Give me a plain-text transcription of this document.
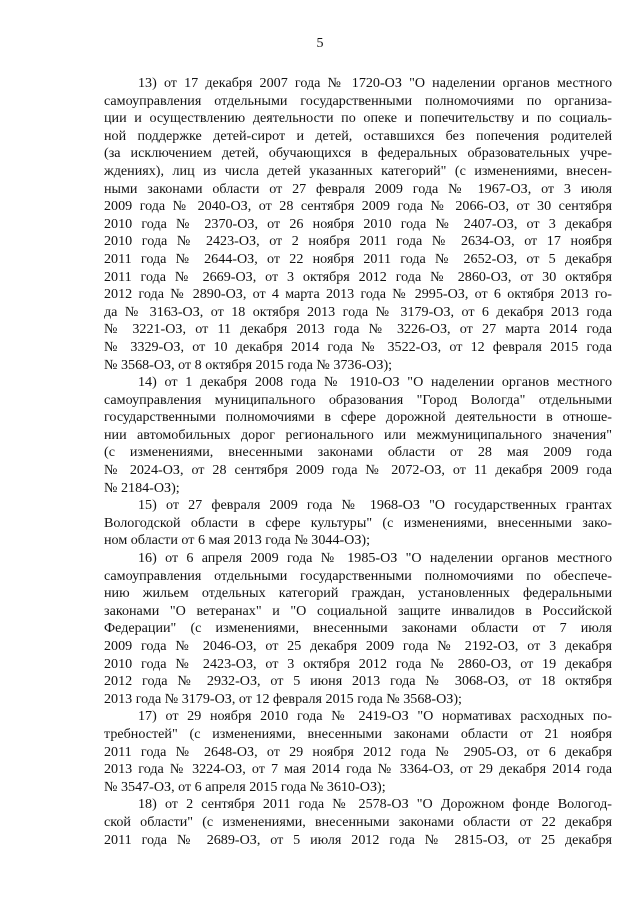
5
13) от 17 декабря 2007 года № 1720-ОЗ "О наделении органов местного
самоуправления отдельными государственными полномочиями по организа-
ции и осуществлению деятельности по опеке и попечительству и по социаль-
ной поддержке детей-сирот и детей, оставшихся без попечения родителей
(за исключением детей, обучающихся в федеральных образовательных учре-
ждениях), лиц из числа детей указанных категорий" (с изменениями, внесен-
ными законами области от 27 февраля 2009 года № 1967-ОЗ, от 3 июля
2009 года № 2040-ОЗ, от 28 сентября 2009 года № 2066-ОЗ, от 30 сентября
2010 года № 2370-ОЗ, от 26 ноября 2010 года № 2407-ОЗ, от 3 декабря
2010 года № 2423-ОЗ, от 2 ноября 2011 года № 2634-ОЗ, от 17 ноября
2011 года № 2644-ОЗ, от 22 ноября 2011 года № 2652-ОЗ, от 5 декабря
2011 года № 2669-ОЗ, от 3 октября 2012 года № 2860-ОЗ, от 30 октября
2012 года № 2890-ОЗ, от 4 марта 2013 года № 2995-ОЗ, от 6 октября 2013 го-
да № 3163-ОЗ, от 18 октября 2013 года № 3179-ОЗ, от 6 декабря 2013 года
№ 3221-ОЗ, от 11 декабря 2013 года № 3226-ОЗ, от 27 марта 2014 года
№ 3329-ОЗ, от 10 декабря 2014 года № 3522-ОЗ, от 12 февраля 2015 года
№ 3568-ОЗ, от 8 октября 2015 года № 3736-ОЗ);
14) от 1 декабря 2008 года № 1910-ОЗ "О наделении органов местного
самоуправления муниципального образования "Город Вологда" отдельными
государственными полномочиями в сфере дорожной деятельности в отноше-
нии автомобильных дорог регионального или межмуниципального значения"
(с изменениями, внесенными законами области от 28 мая 2009 года
№ 2024-ОЗ, от 28 сентября 2009 года № 2072-ОЗ, от 11 декабря 2009 года
№ 2184-ОЗ);
15) от 27 февраля 2009 года № 1968-ОЗ "О государственных грантах
Вологодской области в сфере культуры" (с изменениями, внесенными зако-
ном области от 6 мая 2013 года № 3044-ОЗ);
16) от 6 апреля 2009 года № 1985-ОЗ "О наделении органов местного
самоуправления отдельными государственными полномочиями по обеспече-
нию жильем отдельных категорий граждан, установленных федеральными
законами "О ветеранах" и "О социальной защите инвалидов в Российской
Федерации" (с изменениями, внесенными законами области от 7 июля
2009 года № 2046-ОЗ, от 25 декабря 2009 года № 2192-ОЗ, от 3 декабря
2010 года № 2423-ОЗ, от 3 октября 2012 года № 2860-ОЗ, от 19 декабря
2012 года № 2932-ОЗ, от 5 июня 2013 года № 3068-ОЗ, от 18 октября
2013 года № 3179-ОЗ, от 12 февраля 2015 года № 3568-ОЗ);
17) от 29 ноября 2010 года № 2419-ОЗ "О нормативах расходных по-
требностей" (с изменениями, внесенными законами области от 21 ноября
2011 года № 2648-ОЗ, от 29 ноября 2012 года № 2905-ОЗ, от 6 декабря
2013 года № 3224-ОЗ, от 7 мая 2014 года № 3364-ОЗ, от 29 декабря 2014 года
№ 3547-ОЗ, от 6 апреля 2015 года № 3610-ОЗ);
18) от 2 сентября 2011 года № 2578-ОЗ "О Дорожном фонде Вологод-
ской области" (с изменениями, внесенными законами области от 22 декабря
2011 года № 2689-ОЗ, от 5 июля 2012 года № 2815-ОЗ, от 25 декабря
